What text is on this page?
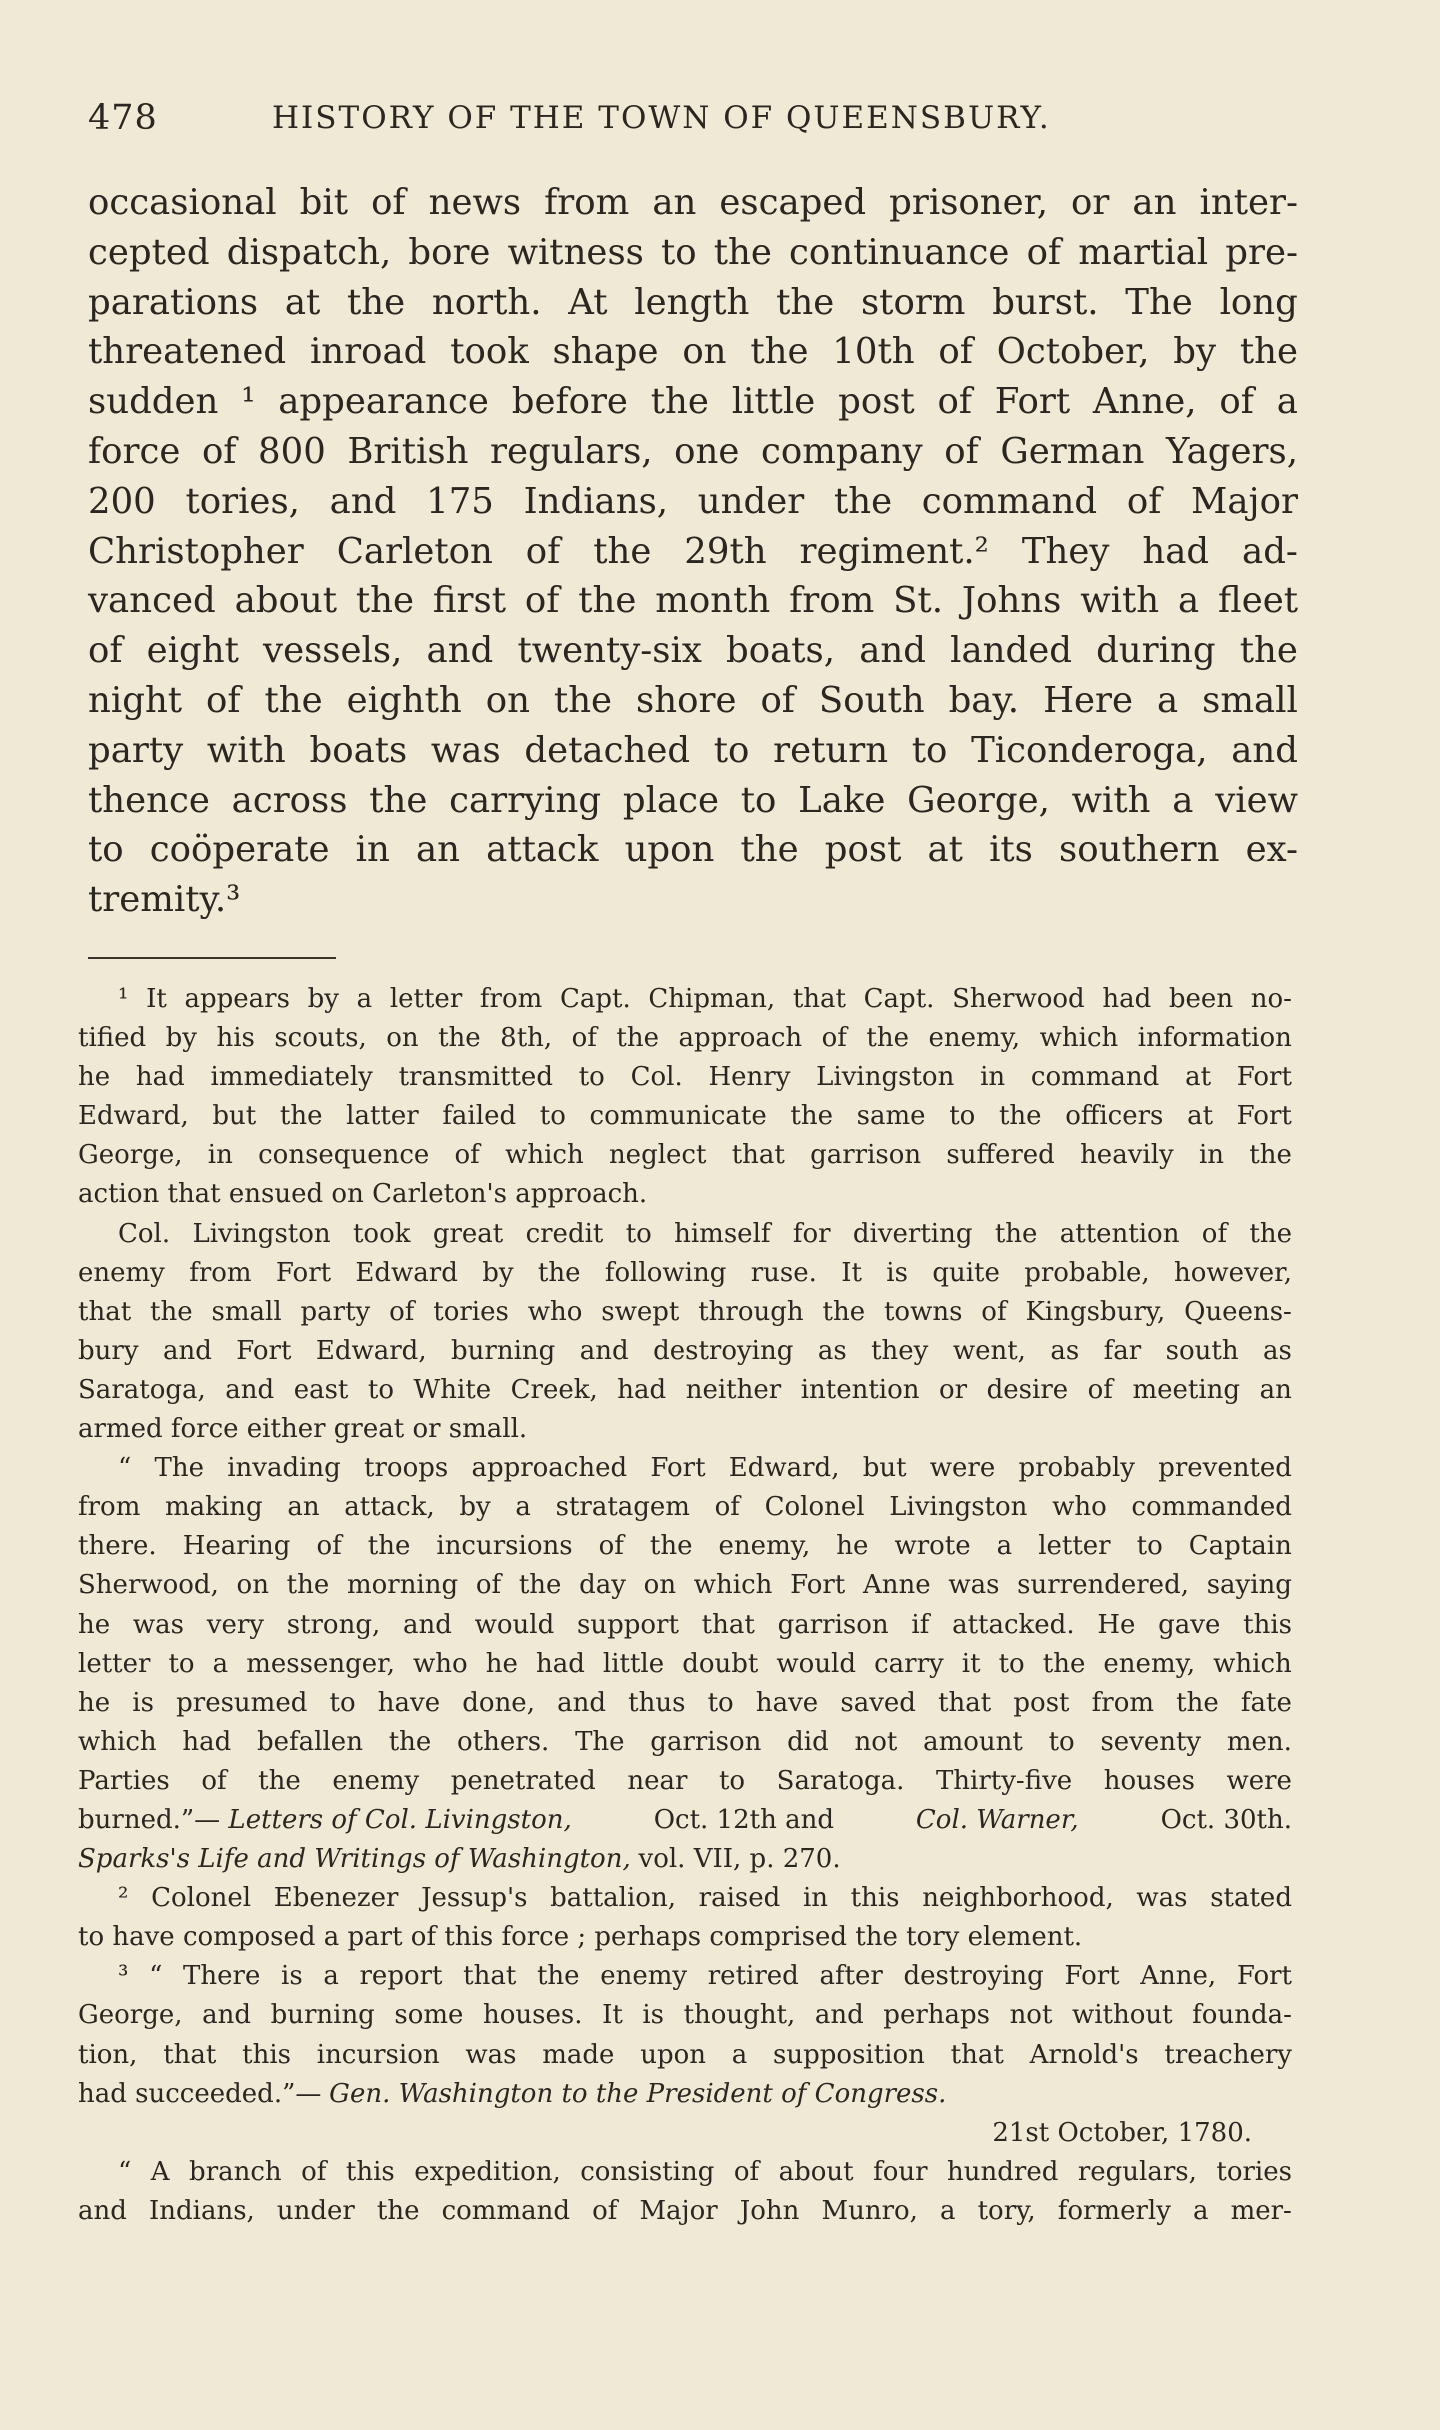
478	HISTORY OF THE TOWN OF QUEENSBURY.
occasional bit of news from an escaped prisoner, or an inter-
cepted dispatch, bore witness to the continuance of martial pre-
parations at the north. At length the storm burst. The long
threatened inroad took shape on the 10th of October, by the
sudden ¹ appearance before the little post of Fort Anne, of a
force of 800 British regulars, one company of German Yagers,
200 tories, and 175 Indians, under the command of Major
Christopher Carleton of the 29th regiment.² They had ad-
vanced about the first of the month from St. Johns with a fleet
of eight vessels, and twenty-six boats, and landed during the
night of the eighth on the shore of South bay. Here a small
party with boats was detached to return to Ticonderoga, and
thence across the carrying place to Lake George, with a view
to coöperate in an attack upon the post at its southern ex-
tremity.³
¹ It appears by a letter from Capt. Chipman, that Capt. Sherwood had been no-
tified by his scouts, on the 8th, of the approach of the enemy, which information
he had immediately transmitted to Col. Henry Livingston in command at Fort
Edward, but the latter failed to communicate the same to the officers at Fort
George, in consequence of which neglect that garrison suffered heavily in the
action that ensued on Carleton's approach.
Col. Livingston took great credit to himself for diverting the attention of the
enemy from Fort Edward by the following ruse. It is quite probable, however,
that the small party of tories who swept through the towns of Kingsbury, Queens-
bury and Fort Edward, burning and destroying as they went, as far south as
Saratoga, and east to White Creek, had neither intention or desire of meeting an
armed force either great or small.
“ The invading troops approached Fort Edward, but were probably prevented
from making an attack, by a stratagem of Colonel Livingston who commanded
there. Hearing of the incursions of the enemy, he wrote a letter to Captain
Sherwood, on the morning of the day on which Fort Anne was surrendered, saying
he was very strong, and would support that garrison if attacked. He gave this
letter to a messenger, who he had little doubt would carry it to the enemy, which
he is presumed to have done, and thus to have saved that post from the fate
which had befallen the others. The garrison did not amount to seventy men.
Parties of the enemy penetrated near to Saratoga. Thirty-five houses were
burned.”— Letters of Col. Livingston,	Oct. 12th and	Col. Warner,	Oct. 30th.
Sparks's Life and Writings of Washington, vol. VII, p. 270.
² Colonel Ebenezer Jessup's battalion, raised in this neighborhood, was stated
to have composed a part of this force ; perhaps comprised the tory element.
³ “ There is a report that the enemy retired after destroying Fort Anne, Fort
George, and burning some houses. It is thought, and perhaps not without founda-
tion, that this incursion was made upon a supposition that Arnold's treachery
had succeeded.”— Gen. Washington to the President of Congress.
21st October, 1780.
“ A branch of this expedition, consisting of about four hundred regulars, tories
and Indians, under the command of Major John Munro, a tory, formerly a mer-
